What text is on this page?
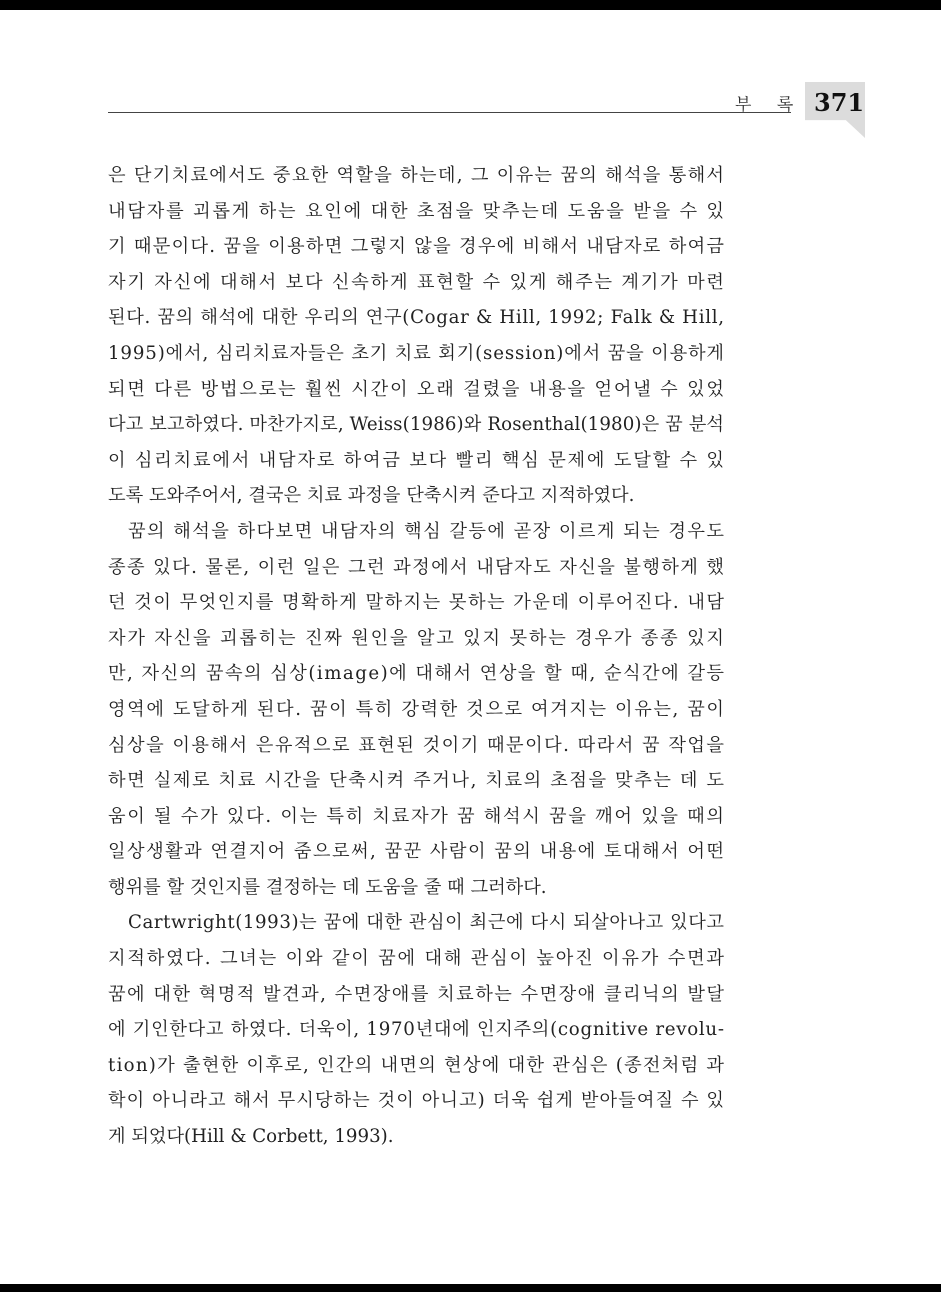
부 록 371
은 단기치료에서도 중요한 역할을 하는데, 그 이유는 꿈의 해석을 통해서
내담자를 괴롭게 하는 요인에 대한 초점을 맞추는데 도움을 받을 수 있
기 때문이다. 꿈을 이용하면 그렇지 않을 경우에 비해서 내담자로 하여금
자기 자신에 대해서 보다 신속하게 표현할 수 있게 해주는 계기가 마련
된다. 꿈의 해석에 대한 우리의 연구(Cogar & Hill, 1992; Falk & Hill,
1995)에서, 심리치료자들은 초기 치료 회기(session)에서 꿈을 이용하게
되면 다른 방법으로는 훨씬 시간이 오래 걸렸을 내용을 얻어낼 수 있었
다고 보고하였다. 마찬가지로, Weiss(1986)와 Rosenthal(1980)은 꿈 분석
이 심리치료에서 내담자로 하여금 보다 빨리 핵심 문제에 도달할 수 있
도록 도와주어서, 결국은 치료 과정을 단축시켜 준다고 지적하였다.
꿈의 해석을 하다보면 내담자의 핵심 갈등에 곧장 이르게 되는 경우도
종종 있다. 물론, 이런 일은 그런 과정에서 내담자도 자신을 불행하게 했
던 것이 무엇인지를 명확하게 말하지는 못하는 가운데 이루어진다. 내담
자가 자신을 괴롭히는 진짜 원인을 알고 있지 못하는 경우가 종종 있지
만, 자신의 꿈속의 심상(image)에 대해서 연상을 할 때, 순식간에 갈등
영역에 도달하게 된다. 꿈이 특히 강력한 것으로 여겨지는 이유는, 꿈이
심상을 이용해서 은유적으로 표현된 것이기 때문이다. 따라서 꿈 작업을
하면 실제로 치료 시간을 단축시켜 주거나, 치료의 초점을 맞추는 데 도
움이 될 수가 있다. 이는 특히 치료자가 꿈 해석시 꿈을 깨어 있을 때의
일상생활과 연결지어 줌으로써, 꿈꾼 사람이 꿈의 내용에 토대해서 어떤
행위를 할 것인지를 결정하는 데 도움을 줄 때 그러하다.
Cartwright(1993)는 꿈에 대한 관심이 최근에 다시 되살아나고 있다고
지적하였다. 그녀는 이와 같이 꿈에 대해 관심이 높아진 이유가 수면과
꿈에 대한 혁명적 발견과, 수면장애를 치료하는 수면장애 클리닉의 발달
에 기인한다고 하였다. 더욱이, 1970년대에 인지주의(cognitive revolu-
tion)가 출현한 이후로, 인간의 내면의 현상에 대한 관심은 (종전처럼 과
학이 아니라고 해서 무시당하는 것이 아니고) 더욱 쉽게 받아들여질 수 있
게 되었다(Hill & Corbett, 1993).
